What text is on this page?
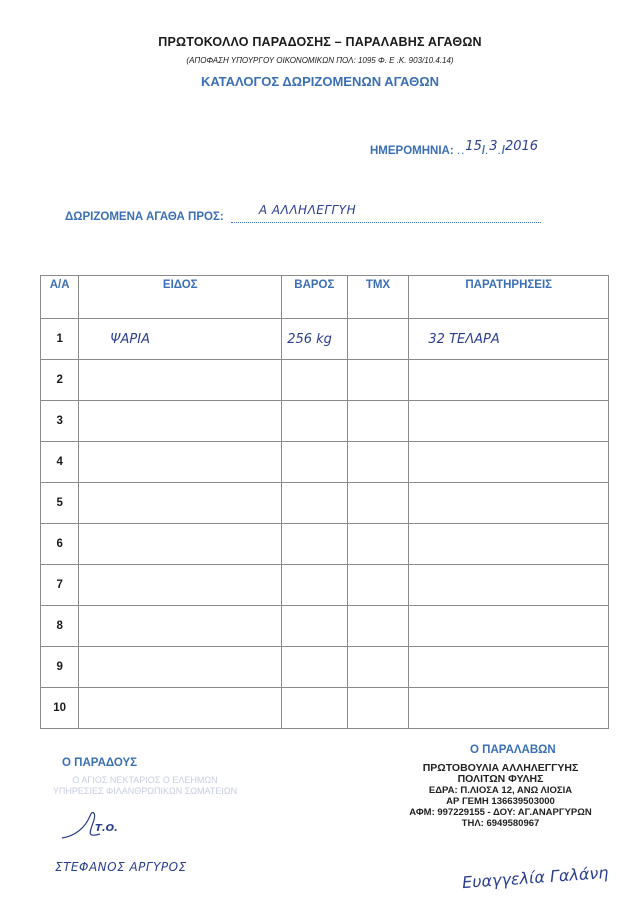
ΠΡΩΤΟΚΟΛΛΟ ΠΑΡΑΔΟΣΗΣ – ΠΑΡΑΛΑΒΗΣ ΑΓΑΘΩΝ
(ΑΠΟΦΑΣΗ ΥΠΟΥΡΓΟΥ ΟΙΚΟΝΟΜΙΚΩΝ ΠΟΛ: 1095 Φ. Ε .Κ. 903/10.4.14)
ΚΑΤΑΛΟΓΟΣ ΔΩΡΙΖΟΜΕΝΩΝ ΑΓΑΘΩΝ
ΗΜΕΡΟΜΗΝΙΑ: ..15/.3./2016
ΔΩΡΙΖΟΜΕΝΑ ΑΓΑΘΑ ΠΡΟΣ:	Α ΑΛΛΗΛΕΓΓΥΗ
Α/Α	ΕΙΔΟΣ	ΒΑΡΟΣ	ΤΜΧ	ΠΑΡΑΤΗΡΗΣΕΙΣ
1	ΨΑΡΙΑ	256 kg		32 ΤΕΛΑΡΑ
2				
3				
4				
5				
6				
7				
8				
9				
10				
Ο ΠΑΡΑΔΟΥΣ
Ο ΠΑΡΑΛΑΒΩΝ
Ο ΑΓΙΟΣ ΝΕΚΤΑΡΙΟΣ Ο ΕΛΕΗΜΩΝ
ΥΠΗΡΕΣΙΕΣ ΦΙΛΑΝΘΡΩΠΙΚΩΝ ΣΩΜΑΤΕΙΩΝ
Τ.Ο.
ΣΤΕΦΑΝΟΣ ΑΡΓΥΡΟΣ
ΠΡΩΤΟΒΟΥΛΙΑ ΑΛΛΗΛΕΓΓΥΗΣ
ΠΟΛΙΤΩΝ ΦΥΛΗΣ
ΕΔΡΑ: Π.ΛΙΟΣΑ 12, ΑΝΩ ΛΙΟΣΙΑ
ΑΡ ΓΕΜΗ 136639503000
ΑΦΜ: 997229155 - ΔΟΥ: ΑΓ.ΑΝΑΡΓΥΡΩΝ
ΤΗΛ: 6949580967
Ευαγγελία Γαλάνη
